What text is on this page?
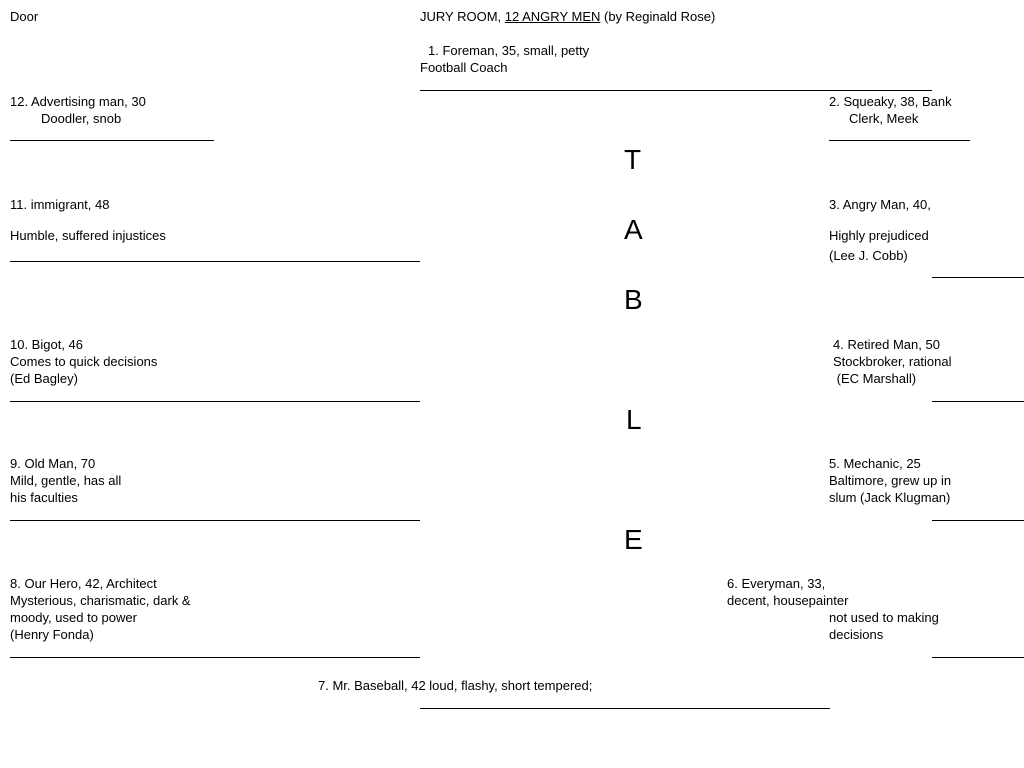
Door	JURY ROOM, 12 ANGRY MEN (by Reginald Rose)
1. Foreman, 35, small, petty
Football Coach
12. Advertising man, 30
Doodler, snob
2. Squeaky, 38, Bank
Clerk, Meek
T
A
B
L
E
11. immigrant, 48
Humble, suffered injustices
3. Angry Man, 40,
Highly prejudiced
(Lee J. Cobb)
10. Bigot, 46
Comes to quick decisions
(Ed Bagley)
4. Retired Man, 50
Stockbroker, rational
(EC Marshall)
9. Old Man, 70
Mild, gentle, has all
his faculties
5. Mechanic, 25
Baltimore, grew up in
slum (Jack Klugman)
8. Our Hero, 42, Architect
Mysterious, charismatic, dark &
moody, used to power
(Henry Fonda)
6. Everyman, 33,
decent, housepainter
not used to making
decisions
7. Mr. Baseball, 42 loud, flashy, short tempered;
